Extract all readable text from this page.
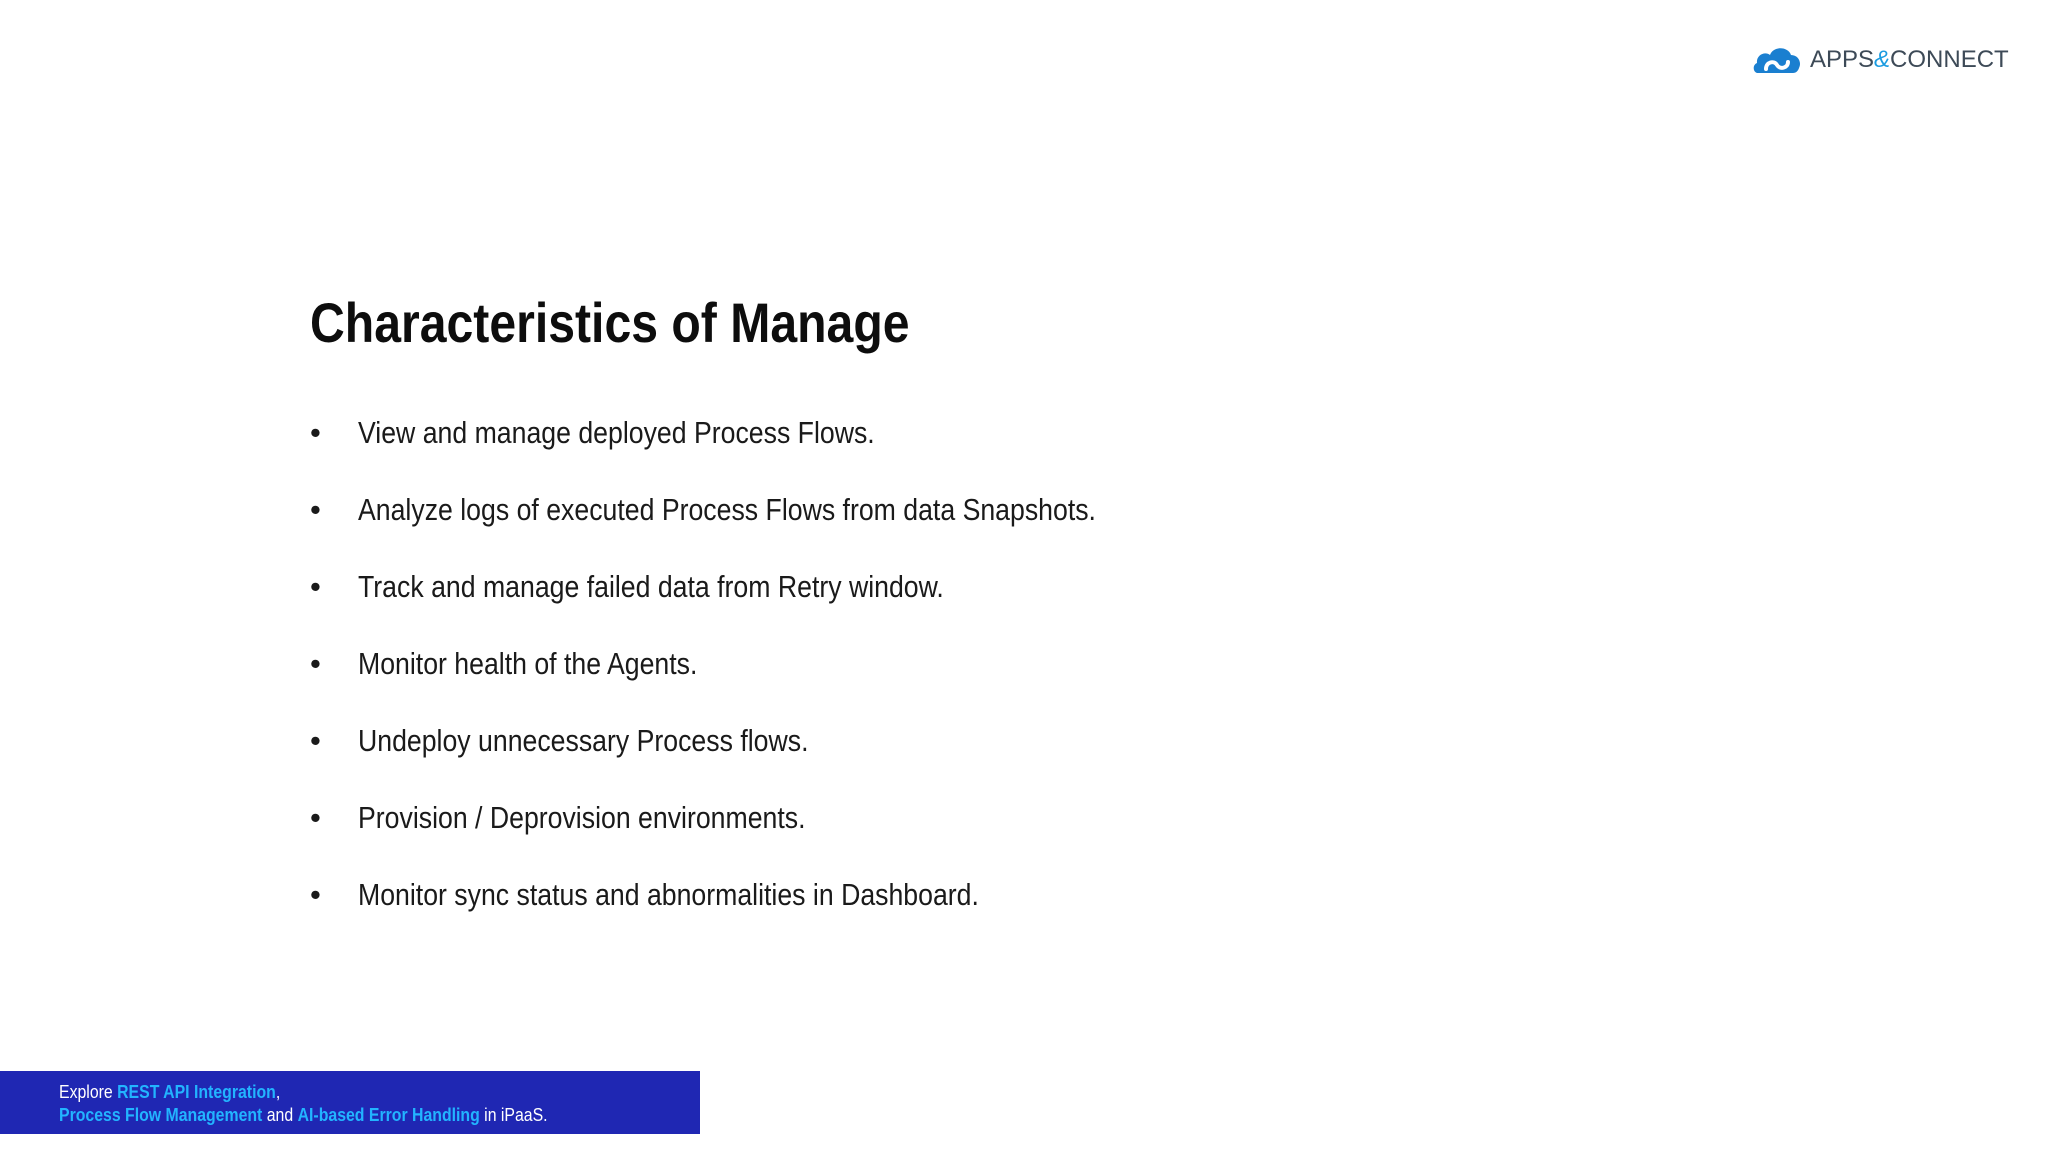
APPS&CONNECT
Characteristics of Manage
•	View and manage deployed Process Flows.
•	Analyze logs of executed Process Flows from data Snapshots.
•	Track and manage failed data from Retry window.
•	Monitor health of the Agents.
•	Undeploy unnecessary Process flows.
•	Provision / Deprovision environments.
•	Monitor sync status and abnormalities in Dashboard.
Explore REST API Integration,
Process Flow Management and AI-based Error Handling in iPaaS.
